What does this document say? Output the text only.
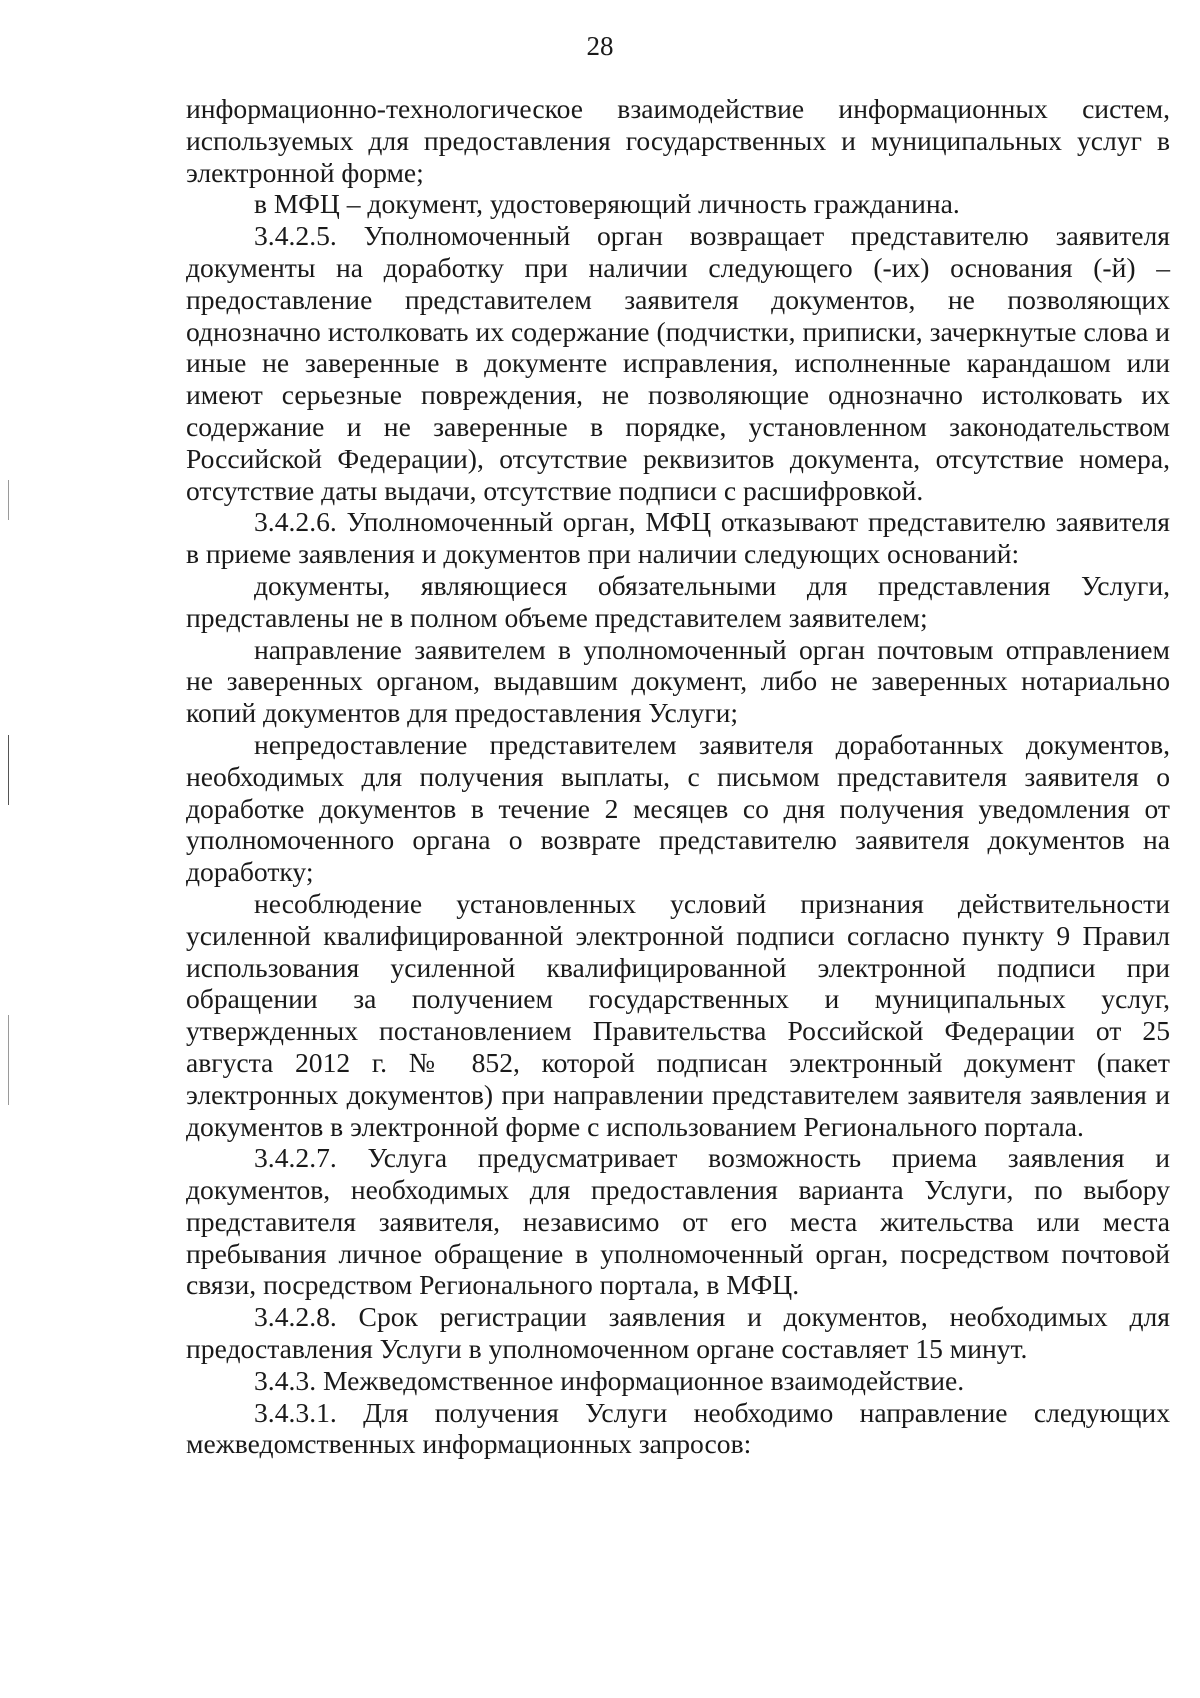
28

информационно-технологическое взаимодействие информационных систем, используемых для предоставления государственных и муниципальных услуг в электронной форме;

в МФЦ – документ, удостоверяющий личность гражданина.

3.4.2.5. Уполномоченный орган возвращает представителю заявителя документы на доработку при наличии следующего (-их) основания (-й) – предоставление представителем заявителя документов, не позволяющих однозначно истолковать их содержание (подчистки, приписки, зачеркнутые слова и иные не заверенные в документе исправления, исполненные карандашом или имеют серьезные повреждения, не позволяющие однозначно истолковать их содержание и не заверенные в порядке, установленном законодательством Российской Федерации), отсутствие реквизитов документа, отсутствие номера, отсутствие даты выдачи, отсутствие подписи с расшифровкой.

3.4.2.6. Уполномоченный орган, МФЦ отказывают представителю заявителя в приеме заявления и документов при наличии следующих оснований:

документы, являющиеся обязательными для представления Услуги, представлены не в полном объеме представителем заявителем;

направление заявителем в уполномоченный орган почтовым отправлением не заверенных органом, выдавшим документ, либо не заверенных нотариально копий документов для предоставления Услуги;

непредоставление представителем заявителя доработанных документов, необходимых для получения выплаты, с письмом представителя заявителя о доработке документов в течение 2 месяцев со дня получения уведомления от уполномоченного органа о возврате представителю заявителя документов на доработку;

несоблюдение установленных условий признания действительности усиленной квалифицированной электронной подписи согласно пункту 9 Правил использования усиленной квалифицированной электронной подписи при обращении за получением государственных и муниципальных услуг, утвержденных постановлением Правительства Российской Федерации от 25 августа 2012 г. № 852, которой подписан электронный документ (пакет электронных документов) при направлении представителем заявителя заявления и документов в электронной форме с использованием Регионального портала.

3.4.2.7. Услуга предусматривает возможность приема заявления и документов, необходимых для предоставления варианта Услуги, по выбору представителя заявителя, независимо от его места жительства или места пребывания личное обращение в уполномоченный орган, посредством почтовой связи, посредством Регионального портала, в МФЦ.

3.4.2.8. Срок регистрации заявления и документов, необходимых для предоставления Услуги в уполномоченном органе составляет 15 минут.

3.4.3. Межведомственное информационное взаимодействие.

3.4.3.1. Для получения Услуги необходимо направление следующих межведомственных информационных запросов:
